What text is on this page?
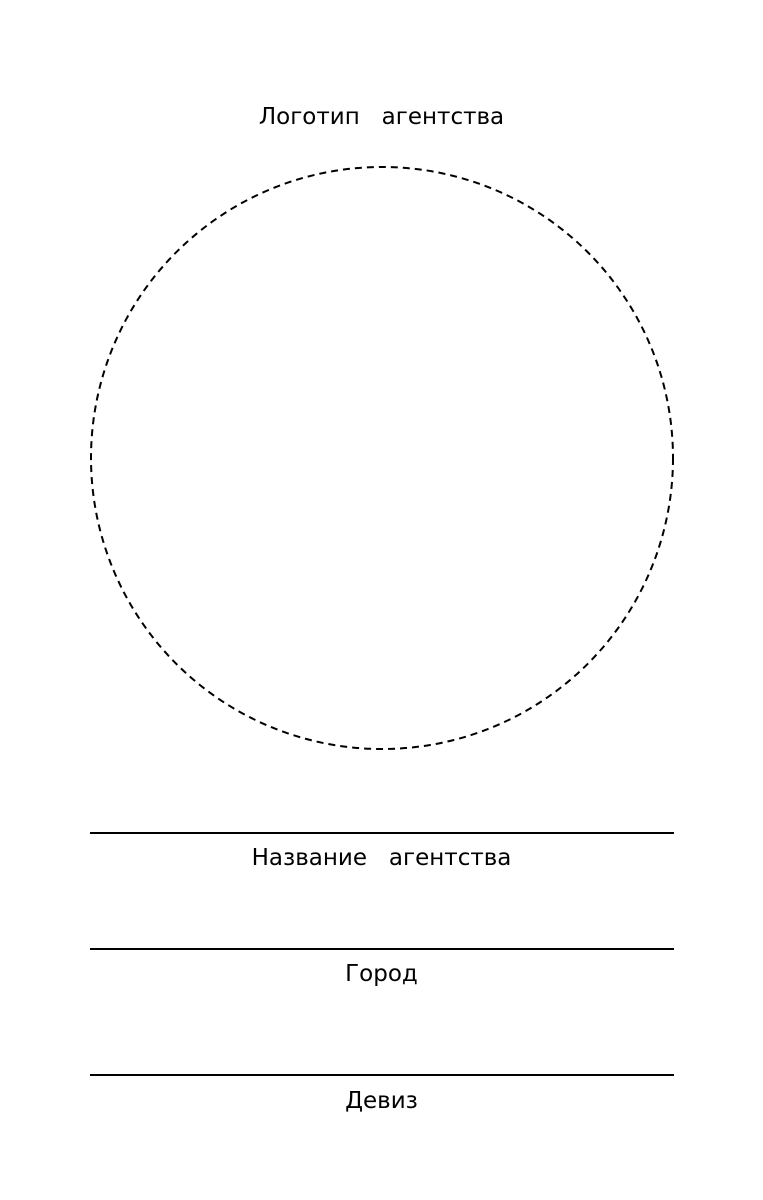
Логотип   агентства
Название   агентства
Город
Девиз
